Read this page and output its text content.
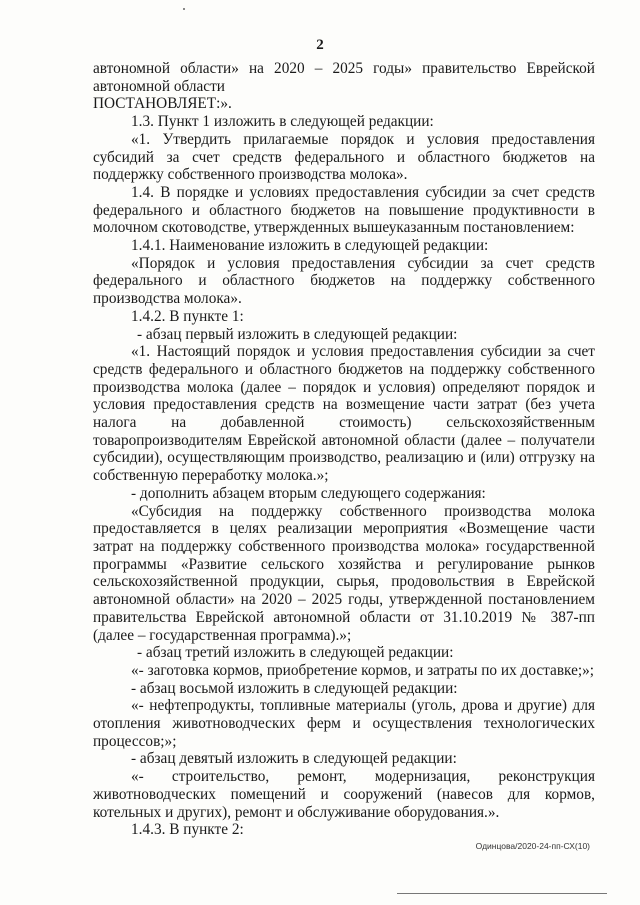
2

автономной области» на 2020 – 2025 годы» правительство Еврейской автономной области

ПОСТАНОВЛЯЕТ:».

1.3. Пункт 1 изложить в следующей редакции:

«1. Утвердить прилагаемые порядок и условия предоставления субсидий за счет средств федерального и областного бюджетов на поддержку собственного производства молока».

1.4. В порядке и условиях предоставления субсидии за счет средств федерального и областного бюджетов на повышение продуктивности в молочном скотоводстве, утвержденных вышеуказанным постановлением:

1.4.1. Наименование изложить в следующей редакции:

«Порядок и условия предоставления субсидии за счет средств федерального и областного бюджетов на поддержку собственного производства молока».

1.4.2. В пункте 1:

- абзац первый изложить в следующей редакции:

«1. Настоящий порядок и условия предоставления субсидии за счет средств федерального и областного бюджетов на поддержку собственного производства молока (далее – порядок и условия) определяют порядок и условия предоставления средств на возмещение части затрат (без учета налога на добавленной стоимость) сельскохозяйственным товаропроизводителям Еврейской автономной области (далее – получатели субсидии), осуществляющим производство, реализацию и (или) отгрузку на собственную переработку молока.»;

- дополнить абзацем вторым следующего содержания:

«Субсидия на поддержку собственного производства молока предоставляется в целях реализации мероприятия «Возмещение части затрат на поддержку собственного производства молока» государственной программы «Развитие сельского хозяйства и регулирование рынков сельскохозяйственной продукции, сырья, продовольствия в Еврейской автономной области» на 2020 – 2025 годы, утвержденной постановлением правительства Еврейской автономной области от 31.10.2019 № 387-пп (далее – государственная программа).»;

- абзац третий изложить в следующей редакции:

«- заготовка кормов, приобретение кормов, и затраты по их доставке;»;

- абзац восьмой изложить в следующей редакции:

«- нефтепродукты, топливные материалы (уголь, дрова и другие) для отопления животноводческих ферм и осуществления технологических процессов;»;

- абзац девятый изложить в следующей редакции:

«- строительство, ремонт, модернизация, реконструкция животноводческих помещений и сооружений (навесов для кормов, котельных и других), ремонт и обслуживание оборудования.».

1.4.3. В пункте 2:

Одинцова/2020-24-пп-СХ(10)
